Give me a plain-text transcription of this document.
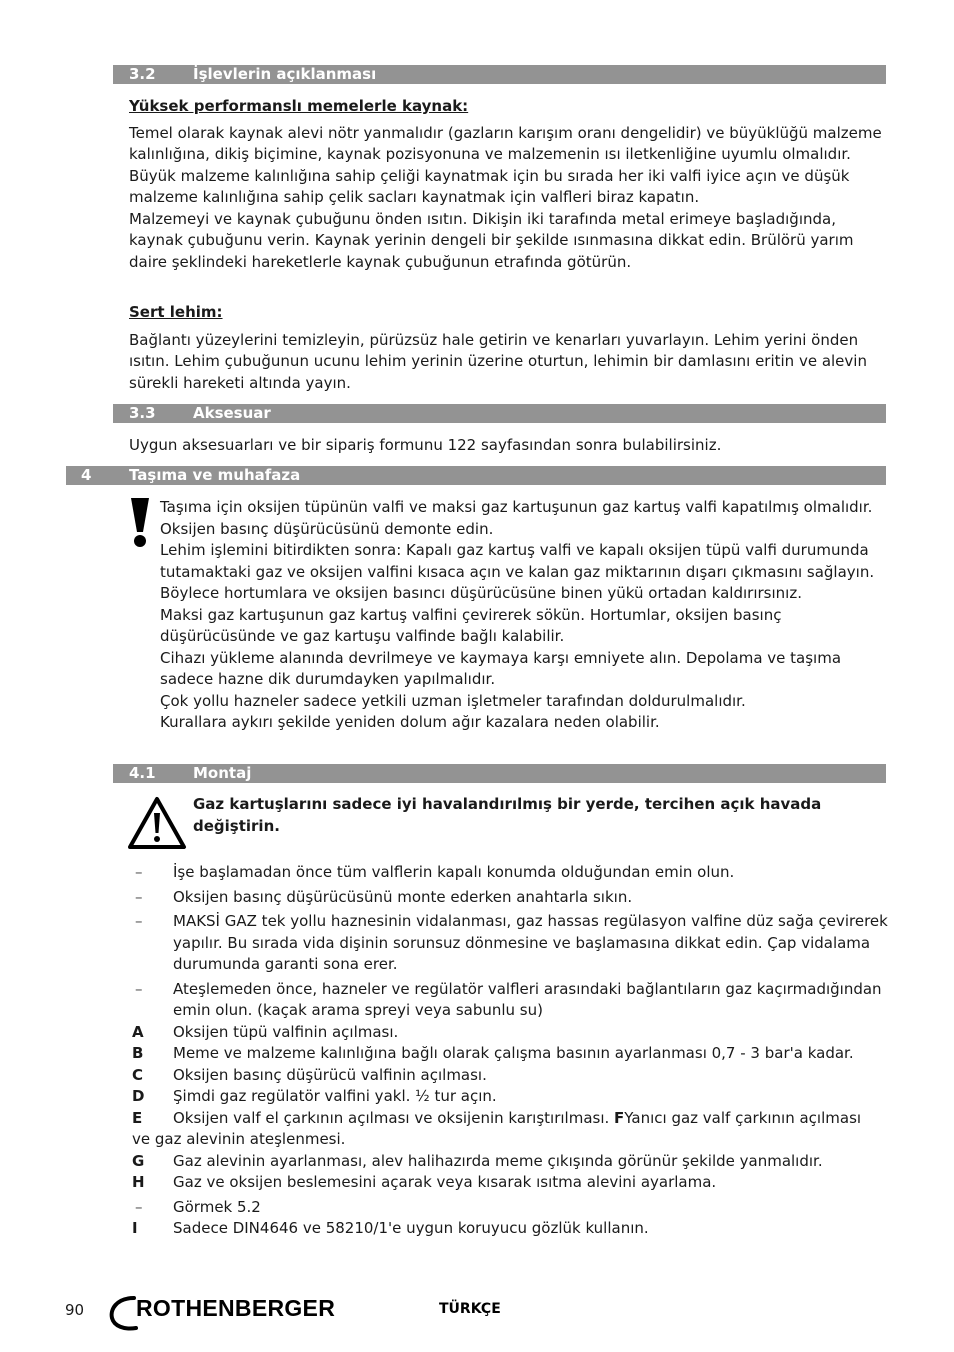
3.2 İşlevlerin açıklanması

Yüksek performanslı memelerle kaynak:

Temel olarak kaynak alevi nötr yanmalıdır (gazların karışım oranı dengelidir) ve büyüklüğü malzeme kalınlığına, dikiş biçimine, kaynak pozisyonuna ve malzemenin ısı iletkenliğine uyumlu olmalıdır.

Büyük malzeme kalınlığına sahip çeliği kaynatmak için bu sırada her iki valfi iyice açın ve düşük malzeme kalınlığına sahip çelik sacları kaynatmak için valfleri biraz kapatın.

Malzemeyi ve kaynak çubuğunu önden ısıtın. Dikişin iki tarafında metal erimeye başladığında, kaynak çubuğunu verin. Kaynak yerinin dengeli bir şekilde ısınmasına dikkat edin. Brülörü yarım daire şeklindeki hareketlerle kaynak çubuğunun etrafında götürün.

Sert lehim:

Bağlantı yüzeylerini temizleyin, pürüzsüz hale getirin ve kenarları yuvarlayın. Lehim yerini önden ısıtın. Lehim çubuğunun ucunu lehim yerinin üzerine oturtun, lehimin bir damlasını eritin ve alevin sürekli hareketi altında yayın.

3.3 Aksesuar
Uygun aksesuarları ve bir sipariş formunu 122 sayfasından sonra bulabilirsiniz.
4	Taşıma ve muhafaza

Taşıma için oksijen tüpünün valfi ve maksi gaz kartuşunun gaz kartuş valfi kapatılmış olmalıdır. Oksijen basınç düşürücüsünü demonte edin.

Lehim işlemini bitirdikten sonra: Kapalı gaz kartuş valfi ve kapalı oksijen tüpü valfi durumunda tutamaktaki gaz ve oksijen valfini kısaca açın ve kalan gaz miktarının dışarı çıkmasını sağlayın. Böylece hortumlara ve oksijen basıncı düşürücüsüne binen yükü ortadan kaldırırsınız.

Maksi gaz kartuşunun gaz kartuş valfini çevirerek sökün. Hortumlar, oksijen basınç düşürücüsünde ve gaz kartuşu valfinde bağlı kalabilir.

Cihazı yükleme alanında devrilmeye ve kaymaya karşı emniyete alın. Depolama ve taşıma sadece hazne dik durumdayken yapılmalıdır.

Çok yollu hazneler sadece yetkili uzman işletmeler tarafından doldurulmalıdır.

Kurallara aykırı şekilde yeniden dolum ağır kazalara neden olabilir.

4.1 Montaj
Gaz kartuşlarını sadece iyi havalandırılmış bir yerde, tercihen açık havada değiştirin.
–	İşe başlamadan önce tüm valflerin kapalı konumda olduğundan emin olun.
–	Oksijen basınç düşürücüsünü monte ederken anahtarla sıkın.
–	MAKSİ GAZ tek yollu haznesinin vidalanması, gaz hassas regülasyon valfine düz sağa çevirerek yapılır. Bu sırada vida dişinin sorunsuz dönmesine ve başlamasına dikkat edin. Çap vidalama durumunda garanti sona erer.
–	Ateşlemeden önce, hazneler ve regülatör valfleri arasındaki bağlantıların gaz kaçırmadığından emin olun. (kaçak arama spreyi veya sabunlu su)
A	Oksijen tüpü valfinin açılması.
B	Meme ve malzeme kalınlığına bağlı olarak çalışma basının ayarlanması 0,7 - 3 bar'a kadar.
C	Oksijen basınç düşürücü valfinin açılması.
D	Şimdi gaz regülatör valfini yakl. ½ tur açın.
E	Oksijen valf el çarkının açılması ve oksijenin karıştırılması. FYanıcı gaz valf çarkının açılması
ve gaz alevinin ateşlenmesi.
G	Gaz alevinin ayarlanması, alev halihazırda meme çıkışında görünür şekilde yanmalıdır.
H	Gaz ve oksijen beslemesini açarak veya kısarak ısıtma alevini ayarlama.
–	Görmek 5.2
I	Sadece DIN4646 ve 58210/1'e uygun koruyucu gözlük kullanın.
90 ROTHENBERGER	TÜRKÇE
